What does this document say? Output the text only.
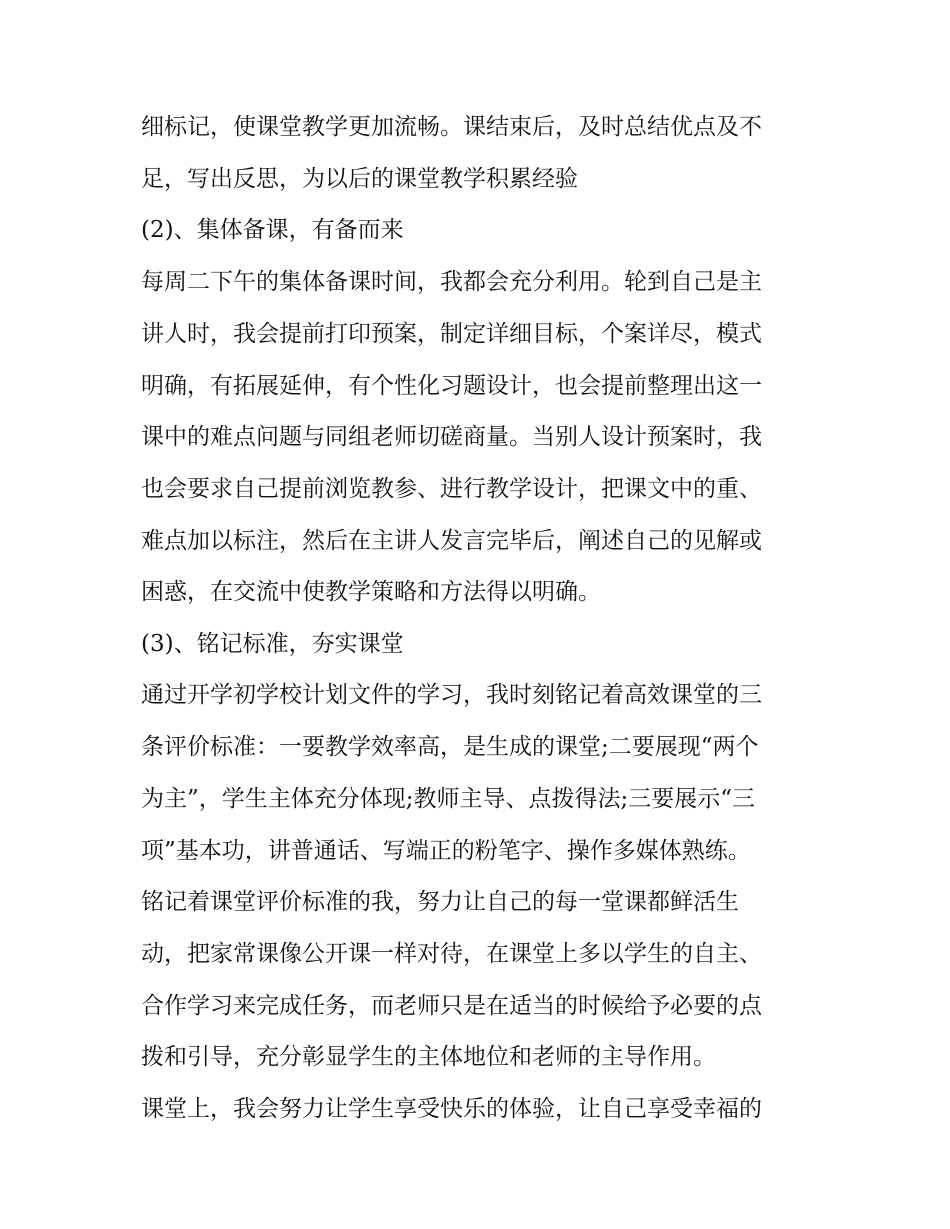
细标记，使课堂教学更加流畅。课结束后，及时总结优点及不
足，写出反思，为以后的课堂教学积累经验
(2)、集体备课，有备而来
每周二下午的集体备课时间，我都会充分利用。轮到自己是主
讲人时，我会提前打印预案，制定详细目标，个案详尽，模式
明确，有拓展延伸，有个性化习题设计，也会提前整理出这一
课中的难点问题与同组老师切磋商量。当别人设计预案时，我
也会要求自己提前浏览教参、进行教学设计，把课文中的重、
难点加以标注，然后在主讲人发言完毕后，阐述自己的见解或
困惑，在交流中使教学策略和方法得以明确。
(3)、铭记标准，夯实课堂
通过开学初学校计划文件的学习，我时刻铭记着高效课堂的三
条评价标准：一要教学效率高，是生成的课堂;二要展现“两个
为主”，学生主体充分体现;教师主导、点拨得法;三要展示“三
项”基本功，讲普通话、写端正的粉笔字、操作多媒体熟练。
铭记着课堂评价标准的我，努力让自己的每一堂课都鲜活生
动，把家常课像公开课一样对待，在课堂上多以学生的自主、
合作学习来完成任务，而老师只是在适当的时候给予必要的点
拨和引导，充分彰显学生的主体地位和老师的主导作用。
课堂上，我会努力让学生享受快乐的体验，让自己享受幸福的
